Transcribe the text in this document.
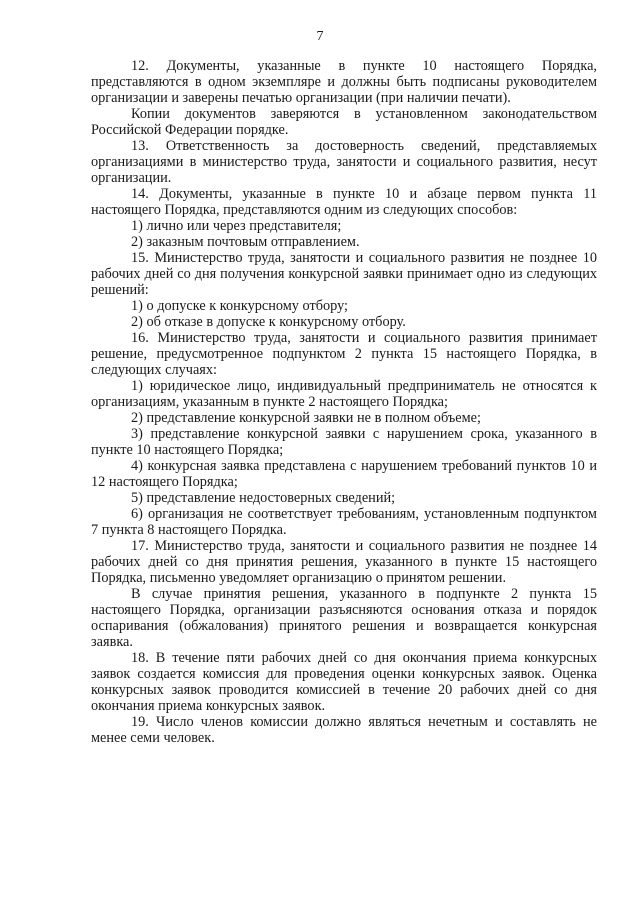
7

12. Документы, указанные в пункте 10 настоящего Порядка, представляются в одном экземпляре и должны быть подписаны руководителем организации и заверены печатью организации (при наличии печати).

Копии документов заверяются в установленном законодательством Российской Федерации порядке.

13. Ответственность за достоверность сведений, представляемых организациями в министерство труда, занятости и социального развития, несут организации.

14. Документы, указанные в пункте 10 и абзаце первом пункта 11 настоящего Порядка, представляются одним из следующих способов:

1) лично или через представителя;

2) заказным почтовым отправлением.

15. Министерство труда, занятости и социального развития не позднее 10 рабочих дней со дня получения конкурсной заявки принимает одно из следующих решений:

1) о допуске к конкурсному отбору;

2) об отказе в допуске к конкурсному отбору.

16. Министерство труда, занятости и социального развития принимает решение, предусмотренное подпунктом 2 пункта 15 настоящего Порядка, в следующих случаях:

1) юридическое лицо, индивидуальный предприниматель не относятся к организациям, указанным в пункте 2 настоящего Порядка;

2) представление конкурсной заявки не в полном объеме;

3) представление конкурсной заявки с нарушением срока, указанного в пункте 10 настоящего Порядка;

4) конкурсная заявка представлена с нарушением требований пунктов 10 и 12 настоящего Порядка;

5) представление недостоверных сведений;

6) организация не соответствует требованиям, установленным подпунктом 7 пункта 8 настоящего Порядка.

17. Министерство труда, занятости и социального развития не позднее 14 рабочих дней со дня принятия решения, указанного в пункте 15 настоящего Порядка, письменно уведомляет организацию о принятом решении.

В случае принятия решения, указанного в подпункте 2 пункта 15 настоящего Порядка, организации разъясняются основания отказа и порядок оспаривания (обжалования) принятого решения и возвращается конкурсная заявка.

18. В течение пяти рабочих дней со дня окончания приема конкурсных заявок создается комиссия для проведения оценки конкурсных заявок. Оценка конкурсных заявок проводится комиссией в течение 20 рабочих дней со дня окончания приема конкурсных заявок.

19. Число членов комиссии должно являться нечетным и составлять не менее семи человек.
